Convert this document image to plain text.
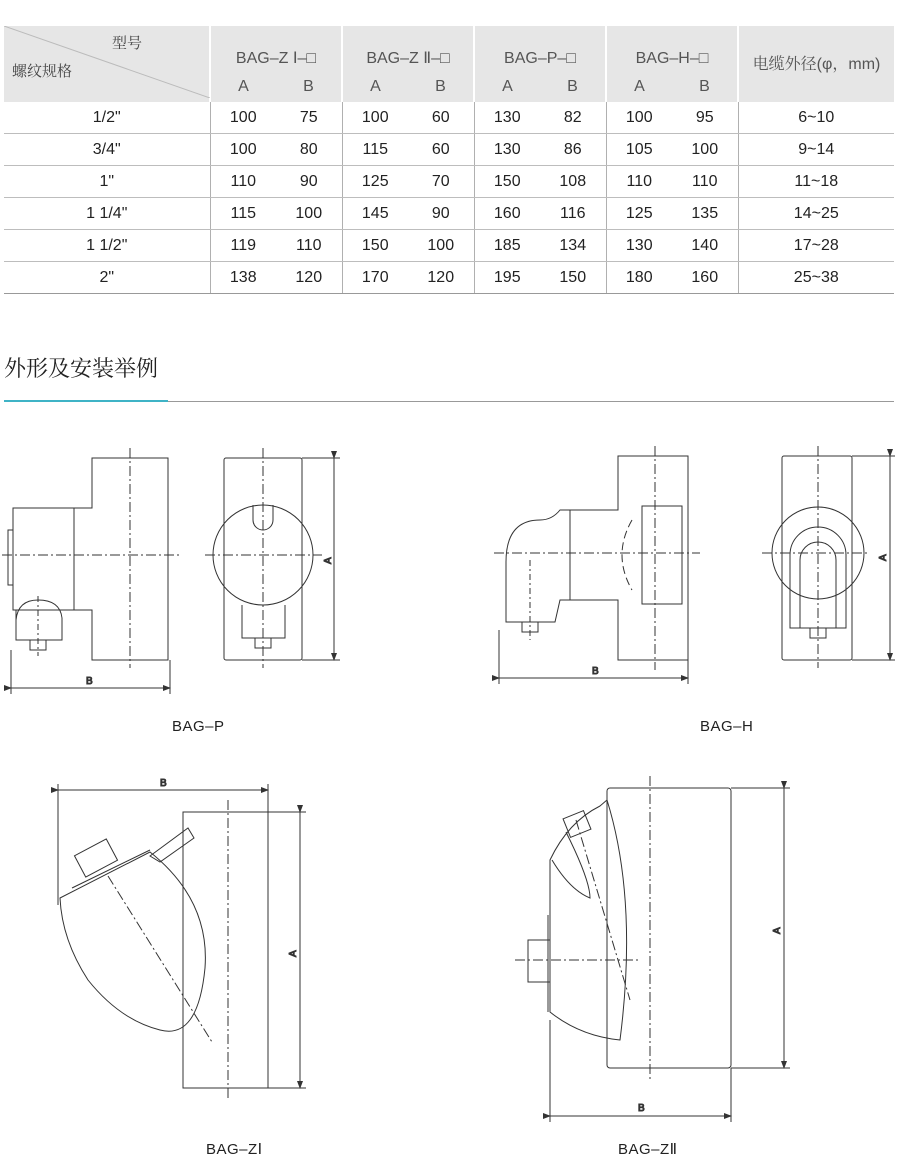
型号
螺纹规格	BAG–Z Ⅰ–□		BAG–Z Ⅱ–□		BAG–P–□		BAG–H–□		电缆外径(φ，mm)
	A	B	A	B	A	B	A	B	
1/2"	100	75	100	60	130	82	100	95	6~10
3/4"	100	80	115	60	130	86	105	100	9~14
1"	110	90	125	70	150	108	110	110	11~18
1 1/4"	115	100	145	90	160	116	125	135	14~25
1 1/2"	119	110	150	100	185	134	130	140	17~28
2"	138	120	170	120	195	150	180	160	25~38
外形及安装举例
B
A
B
A
B
A
A
B
BAG–P	BAG–H
BAG–ZⅠ	BAG–ZⅡ
